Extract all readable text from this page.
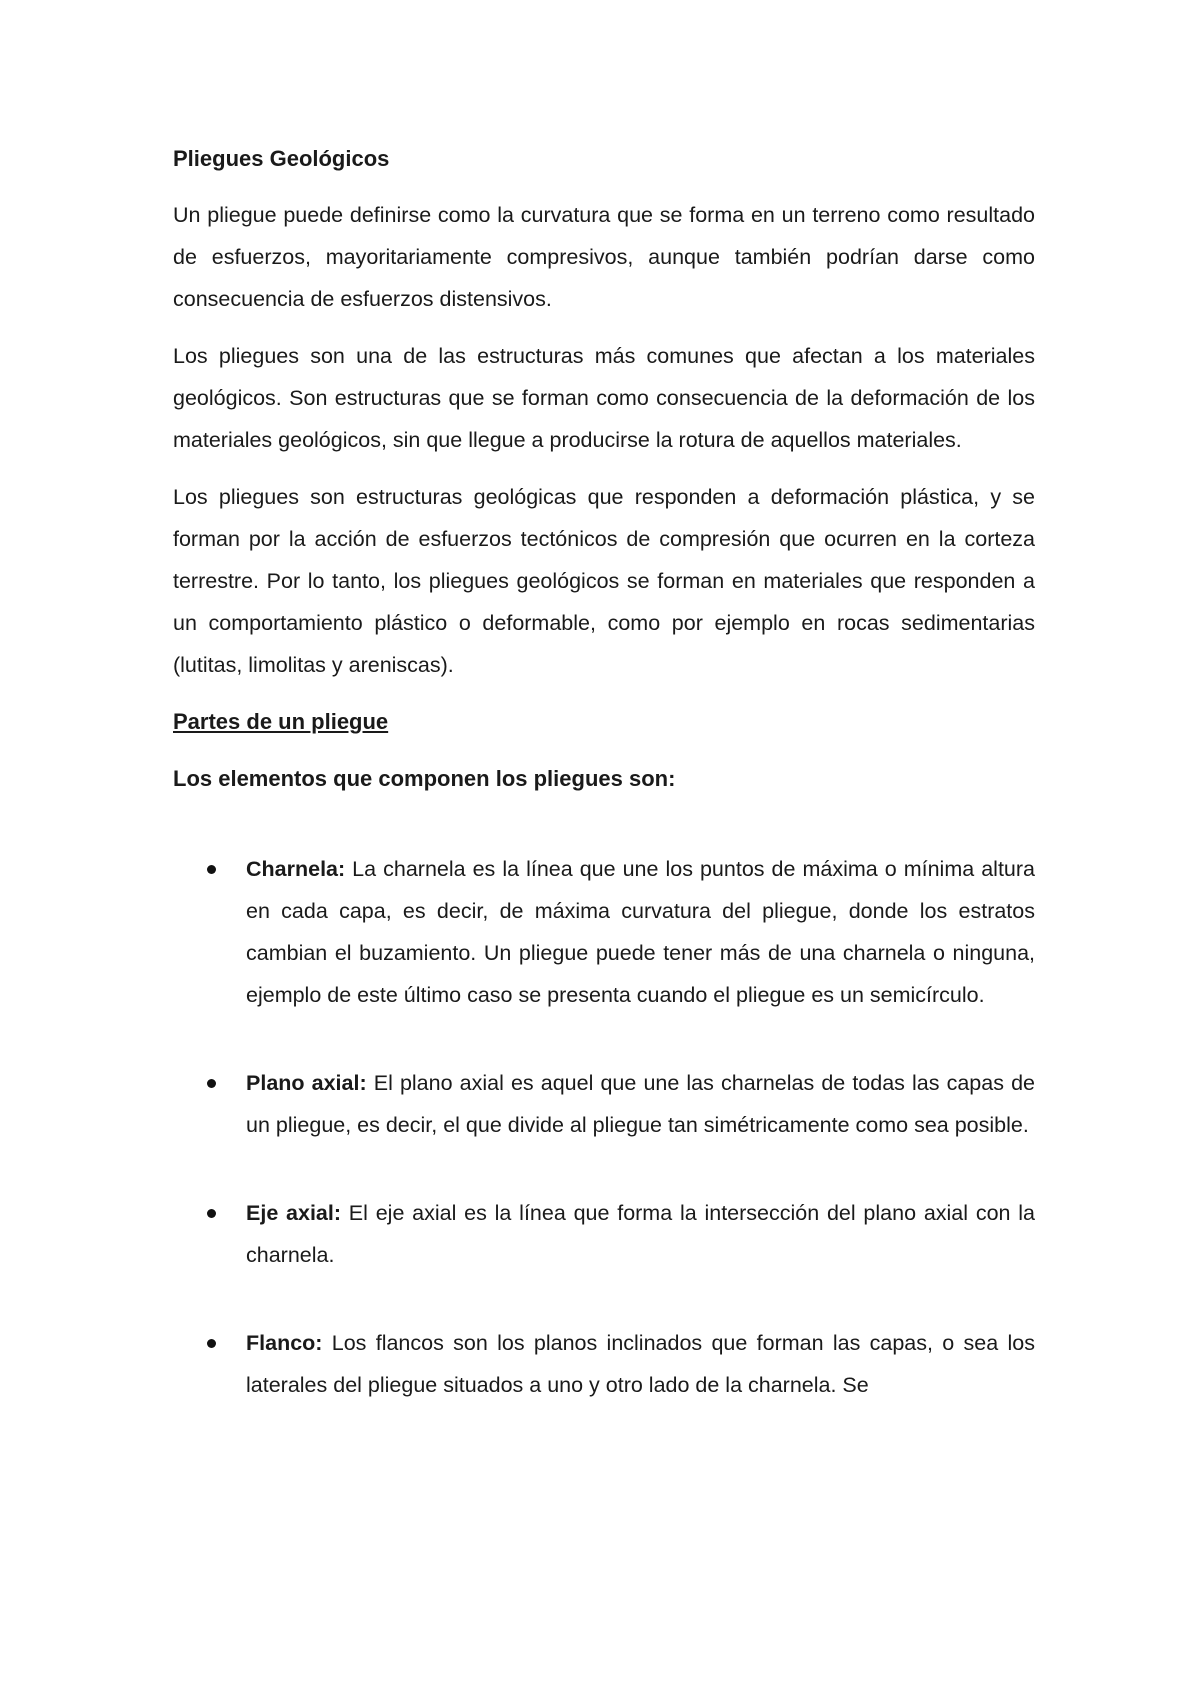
Pliegues Geológicos

Un pliegue puede definirse como la curvatura que se forma en un terreno como resultado de esfuerzos, mayoritariamente compresivos, aunque también podrían darse como consecuencia de esfuerzos distensivos.

Los pliegues son una de las estructuras más comunes que afectan a los materiales geológicos. Son estructuras que se forman como consecuencia de la deformación de los materiales geológicos, sin que llegue a producirse la rotura de aquellos materiales.

Los pliegues son estructuras geológicas que responden a deformación plástica, y se forman por la acción de esfuerzos tectónicos de compresión que ocurren en la corteza terrestre. Por lo tanto, los pliegues geológicos se forman en materiales que responden a un comportamiento plástico o deformable, como por ejemplo en rocas sedimentarias (lutitas, limolitas y areniscas).

Partes de un pliegue
Los elementos que componen los pliegues son:
Charnela: La charnela es la línea que une los puntos de máxima o mínima altura en cada capa, es decir, de máxima curvatura del pliegue, donde los estratos cambian el buzamiento. Un pliegue puede tener más de una charnela o ninguna, ejemplo de este último caso se presenta cuando el pliegue es un semicírculo.
Plano axial: El plano axial es aquel que une las charnelas de todas las capas de un pliegue, es decir, el que divide al pliegue tan simétricamente como sea posible.
Eje axial: El eje axial es la línea que forma la intersección del plano axial con la charnela.
Flanco: Los flancos son los planos inclinados que forman las capas, o sea los laterales del pliegue situados a uno y otro lado de la charnela. Se
